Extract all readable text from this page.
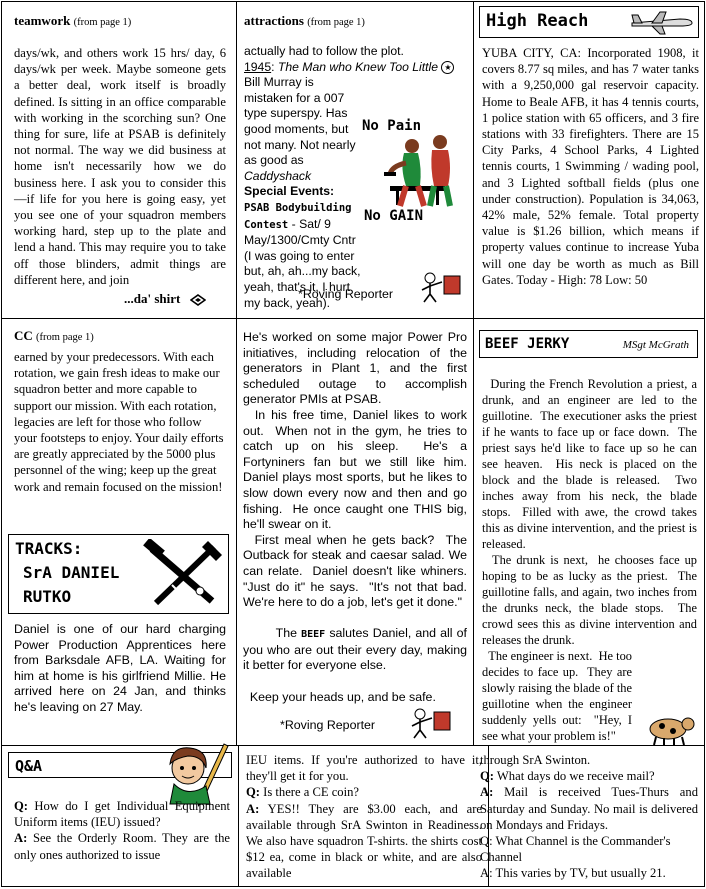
teamwork (from page 1)

days/wk, and others work 15 hrs/ day, 6 days/wk per week. Maybe someone gets a better deal, work itself is broadly defined. Is sitting in an office comparable with working in the scorching sun? One thing for sure, life at PSAB is definitely not normal. The way we did business at home isn't necessarily how we do business here. I ask you to consider this—if life for you here is going easy, yet you see one of your squadron members working hard, step up to the plate and lend a hand. This may require you to take off those blinders, admit things are different here, and join

...da' shirt
attractions (from page 1)
actually had to follow the plot.
1945: The Man who Knew Too Little ★
Bill Murray is mistaken for a 007 type superspy. Has good moments, but not many. Not nearly as good as Caddyshack
Special Events:
PSAB Bodybuilding Contest - Sat/ 9 May/1300/Cmty Cntr (I was going to enter but, ah, ah...my back, yeah, that's it, I hurt my back, yeah).
No Pain
No GAIN
*Roving Reporter
High Reach

YUBA CITY, CA: Incorporated 1908, it covers 8.77 sq miles, and has 7 water tanks with a 9,250,000 gal reservoir capacity. Home to Beale AFB, it has 4 tennis courts, 1 police station with 65 officers, and 3 fire stations with 33 firefighters. There are 15 City Parks, 4 School Parks, 4 Lighted tennis courts, 1 Swimming / wading pool, and 3 Lighted softball fields (plus one under construction). Population is 34,063, 42% male, 52% female. Total property value is $1.26 billion, which means if property values continue to increase Yuba will one day be worth as much as Bill Gates. Today - High: 78 Low: 50

CC (from page 1)

earned by your predecessors. With each rotation, we gain fresh ideas to make our squadron better and more capable to support our mission. With each rotation, legacies are left for those who follow your footsteps to enjoy. Your daily efforts are greatly appreciated by the 5000 plus personnel of the wing; keep up the great work and remain focused on the mission!

TRACKS:
SrA DANIEL
RUTKO

Daniel is one of our hard charging Power Production Apprentices here from Barksdale AFB, LA. Waiting for him at home is his girlfriend Millie. He arrived here on 24 Jan, and thinks he's leaving on 27 May.

He's worked on some major Power Pro initiatives, including relocation of the generators in Plant 1, and the first scheduled outage to accomplish generator PMIs at PSAB.

In his free time, Daniel likes to work out.  When not in the gym, he tries to catch up on his sleep.  He's a Fortyniners fan but we still like him.  Daniel plays most sports, but he likes to slow down every now and then and go fishing.  He once caught one THIS big, he'll swear on it.

First meal when he gets back?  The Outback for steak and caesar salad. We can relate.  Daniel doesn't like whiners.  "Just do it" he says.  "It's not that bad.  We're here to do a job, let's get it done."

The BEEF salutes Daniel, and all of you who are out their every day, making it better for everyone else.

Keep your heads up, and be safe.

*Roving Reporter
BEEF JERKY	MSgt McGrath

During the French Revolution a priest, a drunk, and an engineer are led to the guillotine.  The executioner asks the priest if he wants to face up or face down.  The priest says he'd like to face up so he can see heaven.  His neck is placed on the block and the blade is released.  Two inches away from his neck, the blade stops.  Filled with awe, the crowd takes this as divine intervention, and the priest is released.

The drunk is next,  he chooses face up hoping to be as lucky as the priest.  The guillotine falls, and again, two inches from the drunks neck, the blade stops.  The crowd sees this as divine intervention and releases the drunk.

The engineer is next.  He too decides to face up.  They are slowly raising the blade of the guillotine when the engineer suddenly yells out:  "Hey, I see what your problem is!"

Q&A
Q: How do I get Individual Equipment Uniform items (IEU) issued?
A: See the Orderly Room. They are the only ones authorized to issue
IEU items. If you're authorized to have it, they'll get it for you.
Q: Is there a CE coin?
A: YES!! They are $3.00 each, and are available through SrA Swinton in Readiness. We also have squadron T-shirts. the shirts cost $12 ea, come in black or white, and are also available
through SrA Swinton.
Q: What days do we receive mail?
A: Mail is received Tues-Thurs and Saturday and Sunday. No mail is delivered on Mondays and Fridays.
Q: What Channel is the Commander's Channel
A: This varies by TV, but usually 21.
